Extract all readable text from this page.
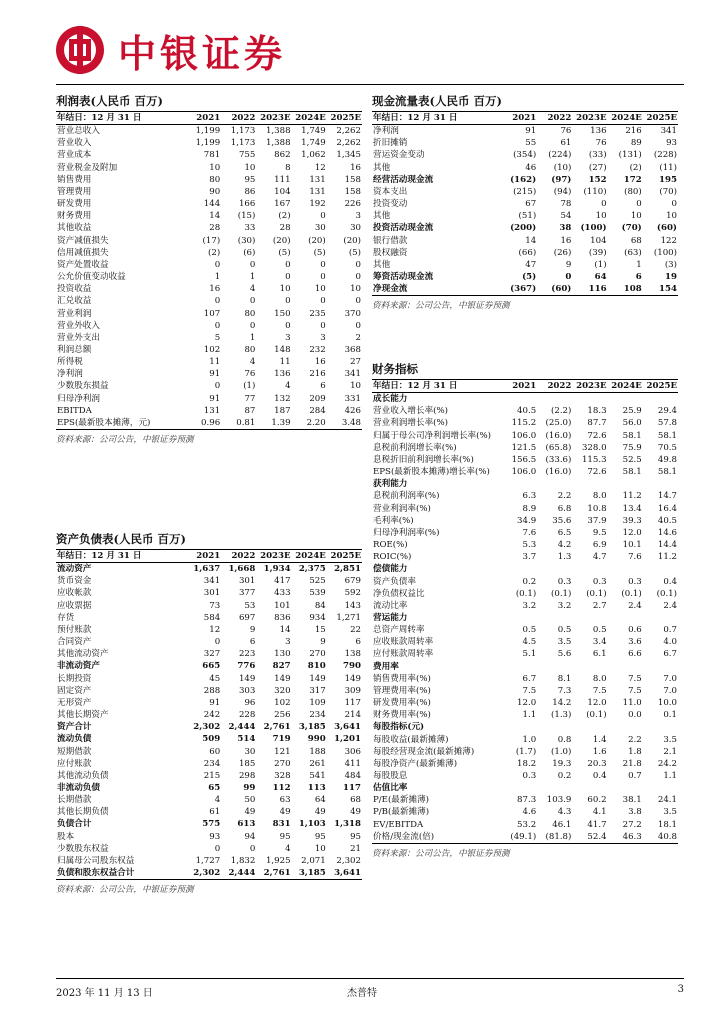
中银证券
利润表(人民币 百万)
年结日：12 月 31 日	2021	2022	2023E	2024E	2025E
营业总收入	1,199	1,173	1,388	1,749	2,262
营业收入	1,199	1,173	1,388	1,749	2,262
营业成本	781	755	862	1,062	1,345
营业税金及附加	10	10	8	12	16
销售费用	80	95	111	131	158
管理费用	90	86	104	131	158
研发费用	144	166	167	192	226
财务费用	14	(15)	(2)	0	3
其他收益	28	33	28	30	30
资产减值损失	(17)	(30)	(20)	(20)	(20)
信用减值损失	(2)	(6)	(5)	(5)	(5)
资产处置收益	0	0	0	0	0
公允价值变动收益	1	1	0	0	0
投资收益	16	4	10	10	10
汇兑收益	0	0	0	0	0
营业利润	107	80	150	235	370
营业外收入	0	0	0	0	0
营业外支出	5	1	3	3	2
利润总额	102	80	148	232	368
所得税	11	4	11	16	27
净利润	91	76	136	216	341
少数股东损益	0	(1)	4	6	10
归母净利润	91	77	132	209	331
EBITDA	131	87	187	284	426
EPS(最新股本摊薄，元)	0.96	0.81	1.39	2.20	3.48
资料来源：公司公告，中银证券预测
资产负债表(人民币 百万)
年结日：12 月 31 日	2021	2022	2023E	2024E	2025E
流动资产	1,637	1,668	1,934	2,375	2,851
货币资金	341	301	417	525	679
应收帐款	301	377	433	539	592
应收票据	73	53	101	84	143
存货	584	697	836	934	1,271
预付账款	12	9	14	15	22
合同资产	0	6	3	9	6
其他流动资产	327	223	130	270	138
非流动资产	665	776	827	810	790
长期投资	45	149	149	149	149
固定资产	288	303	320	317	309
无形资产	91	96	102	109	117
其他长期资产	242	228	256	234	214
资产合计	2,302	2,444	2,761	3,185	3,641
流动负债	509	514	719	990	1,201
短期借款	60	30	121	188	306
应付账款	234	185	270	261	411
其他流动负债	215	298	328	541	484
非流动负债	65	99	112	113	117
长期借款	4	50	63	64	68
其他长期负债	61	49	49	49	49
负债合计	575	613	831	1,103	1,318
股本	93	94	95	95	95
少数股东权益	0	0	4	10	21
归属母公司股东权益	1,727	1,832	1,925	2,071	2,302
负债和股东权益合计	2,302	2,444	2,761	3,185	3,641
资料来源：公司公告，中银证券预测
现金流量表(人民币 百万)
年结日：12 月 31 日	2021	2022	2023E	2024E	2025E
净利润	91	76	136	216	341
折旧摊销	55	61	76	89	93
营运资金变动	(354)	(224)	(33)	(131)	(228)
其他	46	(10)	(27)	(2)	(11)
经营活动现金流	(162)	(97)	152	172	195
资本支出	(215)	(94)	(110)	(80)	(70)
投资变动	67	78	0	0	0
其他	(51)	54	10	10	10
投资活动现金流	(200)	38	(100)	(70)	(60)
银行借款	14	16	104	68	122
股权融资	(66)	(26)	(39)	(63)	(100)
其他	47	9	(1)	1	(3)
筹资活动现金流	(5)	0	64	6	19
净现金流	(367)	(60)	116	108	154
资料来源：公司公告，中银证券预测
财务指标
年结日：12 月 31 日	2021	2022	2023E	2024E	2025E
成长能力					
营业收入增长率(%)	40.5	(2.2)	18.3	25.9	29.4
营业利润增长率(%)	115.2	(25.0)	87.7	56.0	57.8
归属于母公司净利润增长率(%)	106.0	(16.0)	72.6	58.1	58.1
息税前利润增长率(%)	121.5	(65.8)	328.0	75.9	70.5
息税折旧前利润增长率(%)	156.5	(33.6)	115.3	52.5	49.8
EPS(最新股本摊薄)增长率(%)	106.0	(16.0)	72.6	58.1	58.1
获利能力					
息税前利润率(%)	6.3	2.2	8.0	11.2	14.7
营业利润率(%)	8.9	6.8	10.8	13.4	16.4
毛利率(%)	34.9	35.6	37.9	39.3	40.5
归母净利润率(%)	7.6	6.5	9.5	12.0	14.6
ROE(%)	5.3	4.2	6.9	10.1	14.4
ROIC(%)	3.7	1.3	4.7	7.6	11.2
偿债能力					
资产负债率	0.2	0.3	0.3	0.3	0.4
净负债权益比	(0.1)	(0.1)	(0.1)	(0.1)	(0.1)
流动比率	3.2	3.2	2.7	2.4	2.4
营运能力					
总资产周转率	0.5	0.5	0.5	0.6	0.7
应收账款周转率	4.5	3.5	3.4	3.6	4.0
应付账款周转率	5.1	5.6	6.1	6.6	6.7
费用率					
销售费用率(%)	6.7	8.1	8.0	7.5	7.0
管理费用率(%)	7.5	7.3	7.5	7.5	7.0
研发费用率(%)	12.0	14.2	12.0	11.0	10.0
财务费用率(%)	1.1	(1.3)	(0.1)	0.0	0.1
每股指标(元)					
每股收益(最新摊薄)	1.0	0.8	1.4	2.2	3.5
每股经营现金流(最新摊薄)	(1.7)	(1.0)	1.6	1.8	2.1
每股净资产(最新摊薄)	18.2	19.3	20.3	21.8	24.2
每股股息	0.3	0.2	0.4	0.7	1.1
估值比率					
P/E(最新摊薄)	87.3	103.9	60.2	38.1	24.1
P/B(最新摊薄)	4.6	4.3	4.1	3.8	3.5
EV/EBITDA	53.2	46.1	41.7	27.2	18.1
价格/现金流(倍)	(49.1)	(81.8)	52.4	46.3	40.8
资料来源：公司公告，中银证券预测
2023 年 11 月 13 日	杰普特	3
